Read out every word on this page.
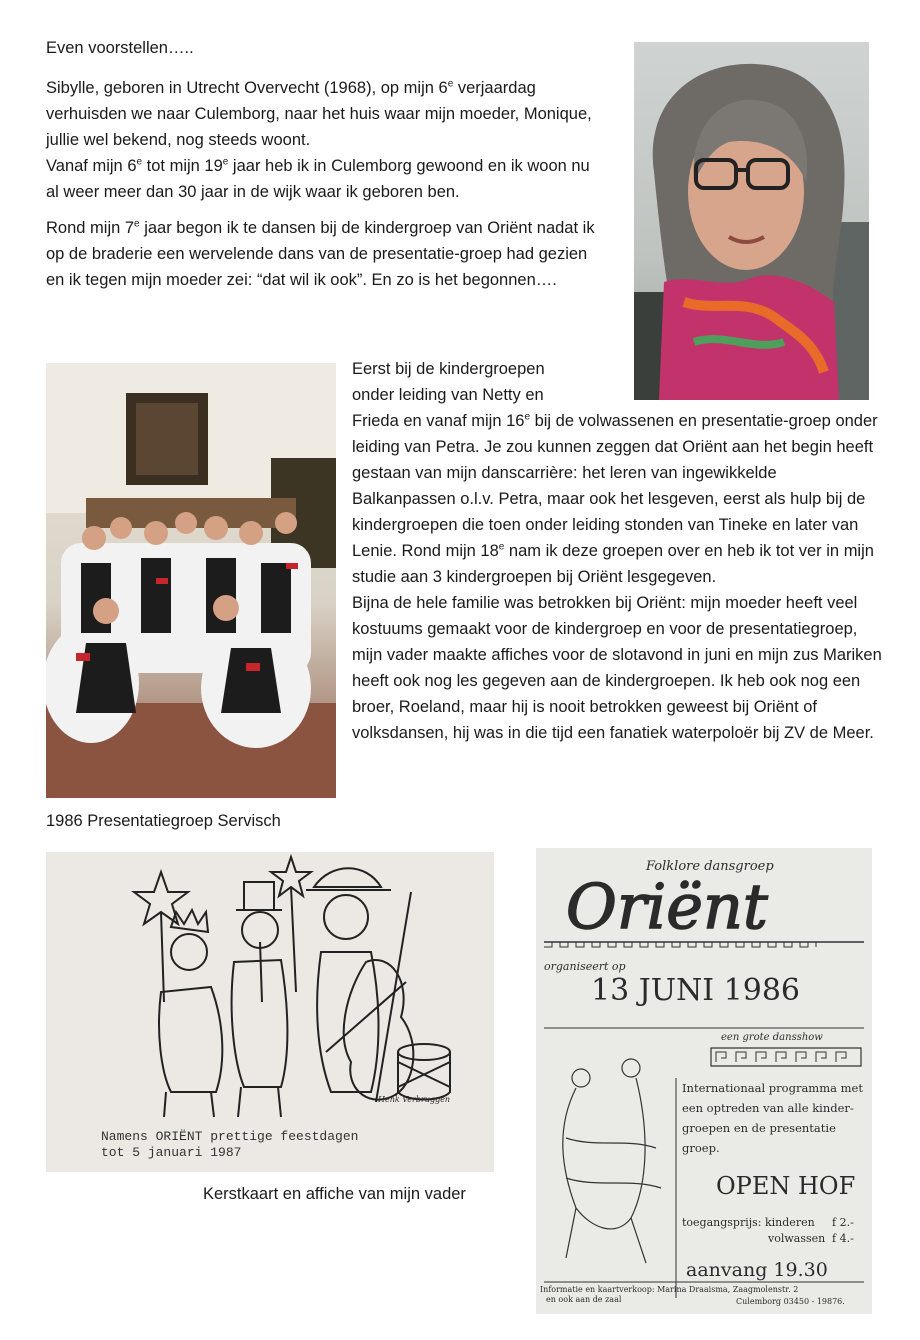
Even voorstellen…..

Sibylle, geboren in Utrecht Overvecht (1968), op mijn 6e verjaardag verhuisden we naar Culemborg, naar het huis waar mijn moeder, Monique, jullie wel bekend, nog steeds woont.

Vanaf mijn 6e tot mijn 19e jaar heb ik in Culemborg gewoond en ik woon nu al weer meer dan 30 jaar in de wijk waar ik geboren ben.

Rond mijn 7e jaar begon ik te dansen bij de kindergroep van Oriënt nadat ik op de braderie een wervelende dans van de presentatie-groep had gezien en ik tegen mijn moeder zei: “dat wil ik ook”. En zo is het begonnen….

Eerst bij de kindergroepen

onder leiding van Netty en

Frieda en vanaf mijn 16e bij de volwassenen en presentatie-groep onder leiding van Petra. Je zou kunnen zeggen dat Oriënt aan het begin heeft gestaan van mijn danscarrière: het leren van ingewikkelde Balkanpassen o.l.v. Petra, maar ook het lesgeven, eerst als hulp bij de kindergroepen die toen onder leiding stonden van Tineke en later van Lenie. Rond mijn 18e nam ik deze groepen over en heb ik tot ver in mijn studie aan 3 kindergroepen bij Oriënt lesgegeven.

Bijna de hele familie was betrokken bij Oriënt: mijn moeder heeft veel kostuums gemaakt voor de kindergroep en voor de presentatiegroep, mijn vader maakte affiches voor de slotavond in juni en mijn zus Mariken heeft ook nog les gegeven aan de kindergroepen. Ik heb ook nog een broer, Roeland, maar hij is nooit betrokken geweest bij Oriënt of volksdansen, hij was in die tijd een fanatiek waterpoloër bij ZV de Meer.

1986 Presentatiegroep Servisch

Namens ORIËNT prettige feestdagen
tot 5 januari 1987
Henk Verbruggen

Kerstkaart en affiche van mijn vader

Folklore dansgroep
Oriënt
organiseert op
13 JUNI 1986
een grote dansshow
Internationaal programma met
een optreden van alle kinder-
groepen en de presentatie
groep.
OPEN HOF
toegangsprijs: kinderen f 2.-
volwassen f 4.-
aanvang 19.30
Informatie en kaartverkoop: Marina Draaisma, Zaagmolenstr. 2
en ook aan de zaal	Culemborg 03450 - 19876.
